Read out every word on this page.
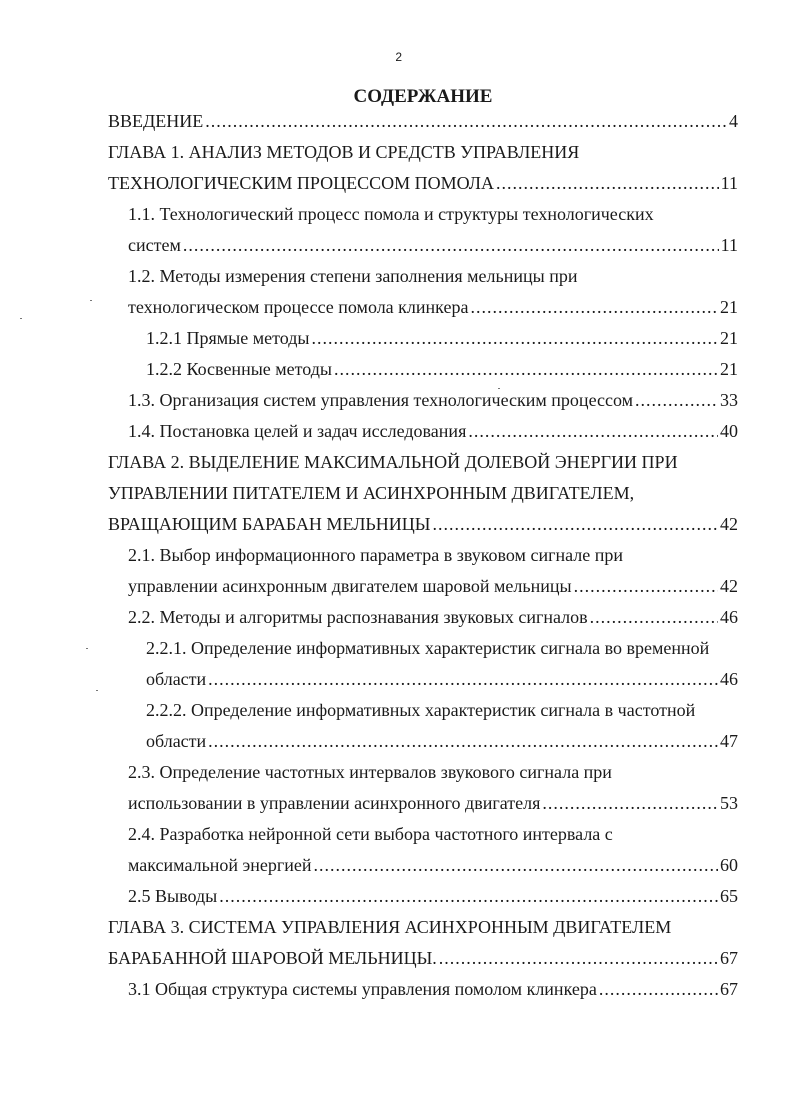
2
СОДЕРЖАНИЕ
ВВЕДЕНИЕ .....	4
ГЛАВА 1. АНАЛИЗ МЕТОДОВ И СРЕДСТВ УПРАВЛЕНИЯ
ТЕХНОЛОГИЧЕСКИМ ПРОЦЕССОМ ПОМОЛА .....	11
1.1. Технологический процесс помола и структуры технологических
систем .....	11
1.2. Методы измерения степени заполнения мельницы при
технологическом процессе помола клинкера .....	21
1.2.1 Прямые методы .....	21
1.2.2 Косвенные методы .....	21
1.3. Организация систем управления технологическим процессом .....	33
1.4. Постановка целей и задач исследования .....	40
ГЛАВА 2. ВЫДЕЛЕНИЕ МАКСИМАЛЬНОЙ ДОЛЕВОЙ ЭНЕРГИИ ПРИ
УПРАВЛЕНИИ ПИТАТЕЛЕМ И АСИНХРОННЫМ ДВИГАТЕЛЕМ,
ВРАЩАЮЩИМ БАРАБАН МЕЛЬНИЦЫ .....	42
2.1. Выбор информационного параметра в звуковом сигнале при
управлении асинхронным двигателем шаровой мельницы .....	42
2.2. Методы и алгоритмы распознавания звуковых сигналов .....	46
2.2.1. Определение информативных характеристик сигнала во временной
области .....	46
2.2.2. Определение информативных характеристик сигнала в частотной
области .....	47
2.3. Определение частотных интервалов звукового сигнала при
использовании в управлении асинхронного двигателя .....	53
2.4. Разработка нейронной сети выбора частотного интервала с
максимальной энергией .....	60
2.5 Выводы .....	65
ГЛАВА 3. СИСТЕМА УПРАВЛЕНИЯ АСИНХРОННЫМ ДВИГАТЕЛЕМ
БАРАБАННОЙ ШАРОВОЙ МЕЛЬНИЦЫ. .....	67
3.1 Общая структура системы управления помолом клинкера .....	67
